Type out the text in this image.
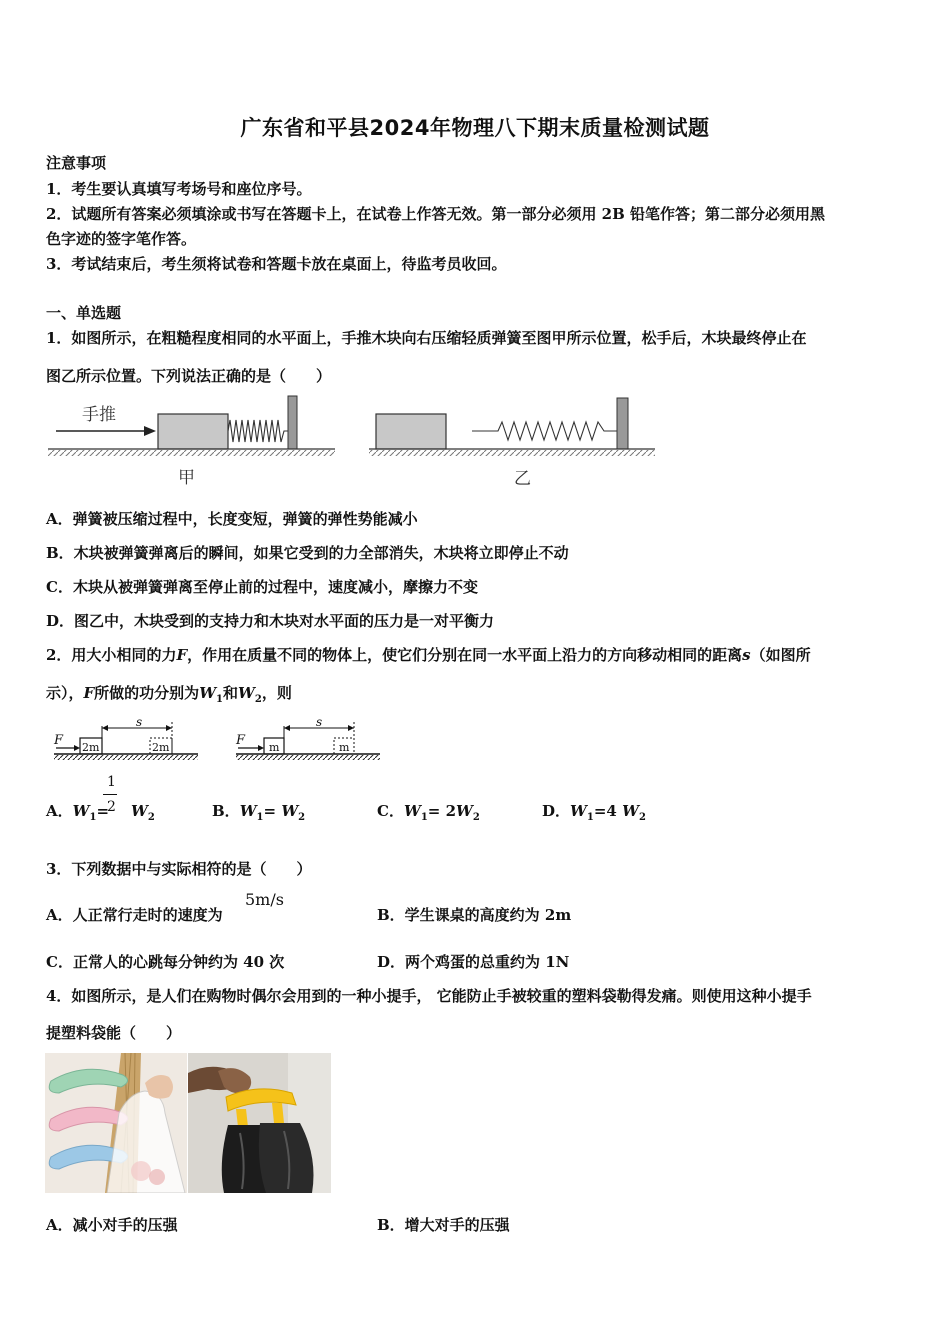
广东省和平县2024年物理八下期末质量检测试题
注意事项
1．考生要认真填写考场号和座位序号。
2．试题所有答案必须填涂或书写在答题卡上，在试卷上作答无效。第一部分必须用 2B 铅笔作答；第二部分必须用黑
色字迹的签字笔作答。
3．考试结束后，考生须将试卷和答题卡放在桌面上，待监考员收回。
一、单选题
1．如图所示，在粗糙程度相同的水平面上，手推木块向右压缩轻质弹簧至图甲所示位置，松手后，木块最终停止在
图乙所示位置。下列说法正确的是（　　）
手推
甲	乙
A．弹簧被压缩过程中，长度变短，弹簧的弹性势能减小
B．木块被弹簧弹离后的瞬间，如果它受到的力全部消失，木块将立即停止不动
C．木块从被弹簧弹离至停止前的过程中，速度减小，摩擦力不变
D．图乙中，木块受到的支持力和木块对水平面的压力是一对平衡力
2．用大小相同的力F，作用在质量不同的物体上，使它们分别在同一水平面上沿力的方向移动相同的距离s（如图所
示），F所做的功分别为$W_1$和$W_2$，则
F 2m
s
2m	F m
s
m
A．$W_1= W_2$
1
2	B．$W_1= W_2$	C．$W_1= 2W_2$	D．$W_1=4$ $W_2$
3．下列数据中与实际相符的是（　　）
A．人正常行走时的速度为
5m/s
B．学生课桌的高度约为 2m
C．正常人的心跳每分钟约为 40 次	D．两个鸡蛋的总重约为 1N
4．如图所示，是人们在购物时偶尔会用到的一种小提手， 它能防止手被较重的塑料袋勒得发痛。则使用这种小提手
提塑料袋能（　　）
A．减小对手的压强	B．增大对手的压强
